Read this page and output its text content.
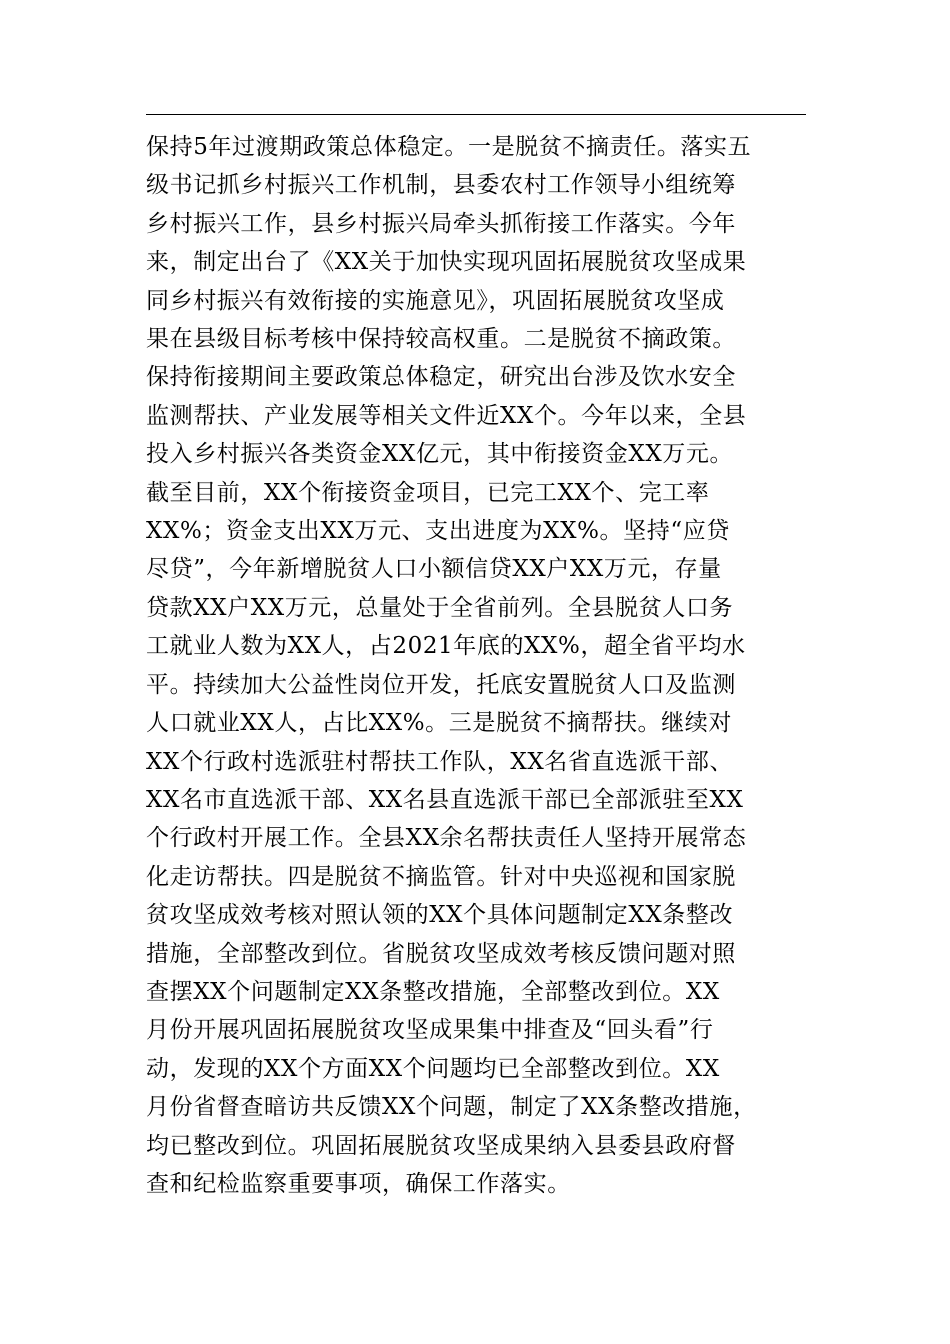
保持5年过渡期政策总体稳定。一是脱贫不摘责任。落实五
级书记抓乡村振兴工作机制，县委农村工作领导小组统筹
乡村振兴工作，县乡村振兴局牵头抓衔接工作落实。今年
来，制定出台了《XX关于加快实现巩固拓展脱贫攻坚成果
同乡村振兴有效衔接的实施意见》，巩固拓展脱贫攻坚成
果在县级目标考核中保持较高权重。二是脱贫不摘政策。
保持衔接期间主要政策总体稳定，研究出台涉及饮水安全
监测帮扶、产业发展等相关文件近XX个。今年以来，全县
投入乡村振兴各类资金XX亿元，其中衔接资金XX万元。
截至目前，XX个衔接资金项目，已完工XX个、完工率
XX%；资金支出XX万元、支出进度为XX%。坚持“应贷
尽贷”，今年新增脱贫人口小额信贷XX户XX万元，存量
贷款XX户XX万元，总量处于全省前列。全县脱贫人口务
工就业人数为XX人，占2021年底的XX%，超全省平均水
平。持续加大公益性岗位开发，托底安置脱贫人口及监测
人口就业XX人，占比XX%。三是脱贫不摘帮扶。继续对
XX个行政村选派驻村帮扶工作队，XX名省直选派干部、
XX名市直选派干部、XX名县直选派干部已全部派驻至XX
个行政村开展工作。全县XX余名帮扶责任人坚持开展常态
化走访帮扶。四是脱贫不摘监管。针对中央巡视和国家脱
贫攻坚成效考核对照认领的XX个具体问题制定XX条整改
措施，全部整改到位。省脱贫攻坚成效考核反馈问题对照
查摆XX个问题制定XX条整改措施，全部整改到位。XX
月份开展巩固拓展脱贫攻坚成果集中排查及“回头看”行
动，发现的XX个方面XX个问题均已全部整改到位。XX
月份省督查暗访共反馈XX个问题，制定了XX条整改措施，
均已整改到位。巩固拓展脱贫攻坚成果纳入县委县政府督
查和纪检监察重要事项，确保工作落实。
